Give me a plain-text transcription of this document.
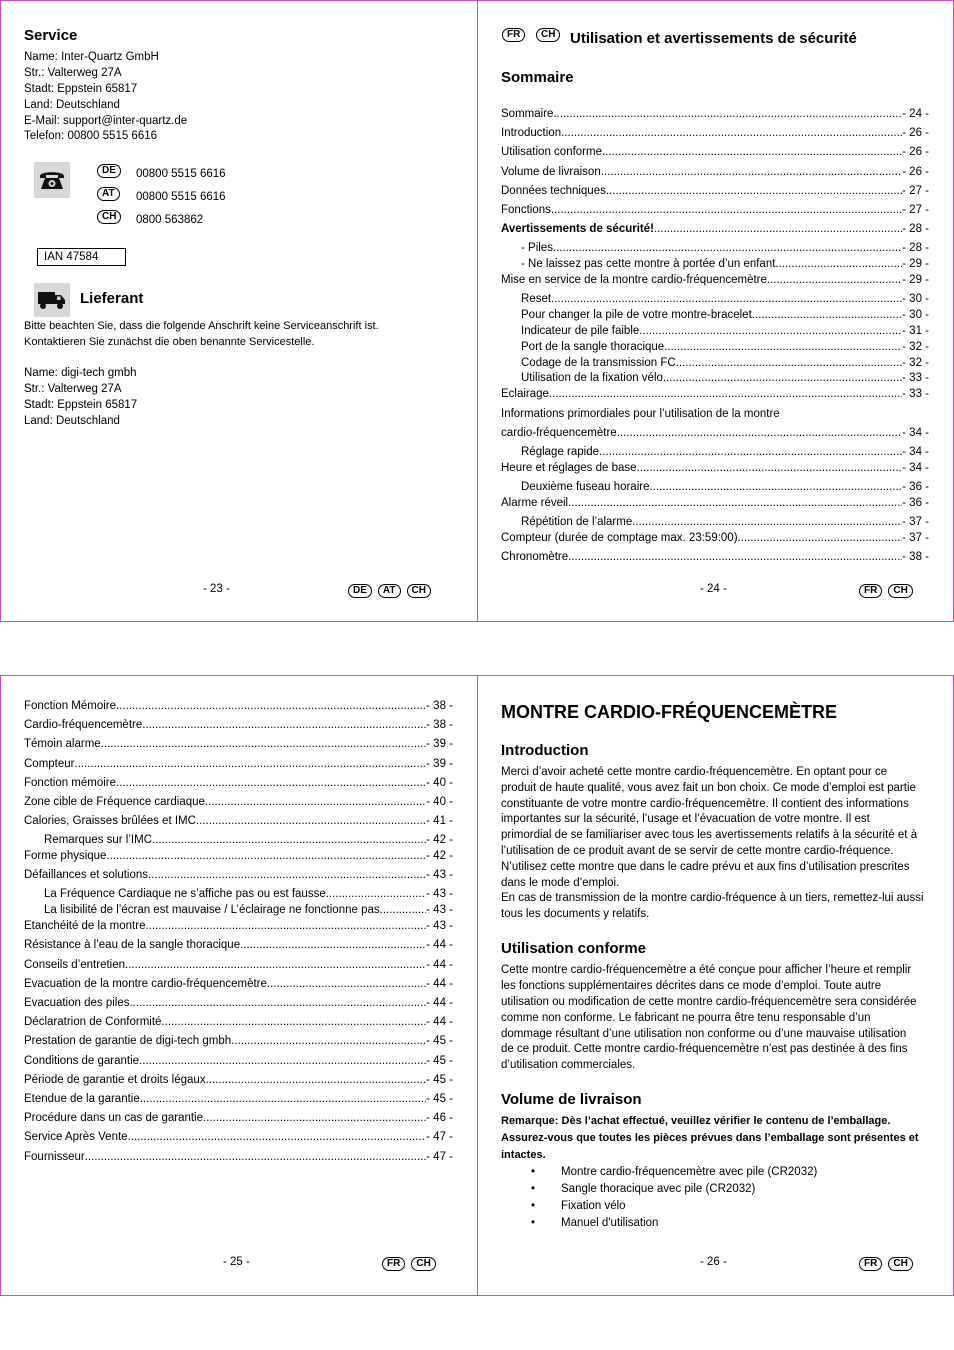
Service
Name: Inter-Quartz GmbH
Str.: Valterweg 27A
Stadt: Eppstein 65817
Land: Deutschland
E-Mail: support@inter-quartz.de
Telefon: 00800 5515 6616
DE	00800 5515 6616
AT	00800 5515 6616
CH	0800 563862
IAN 47584
Lieferant
Bitte beachten Sie, dass die folgende Anschrift keine Serviceanschrift ist.
Kontaktieren Sie zunächst die oben benannte Servicestelle.
Name: digi-tech gmbh
Str.: Valterweg 27A
Stadt: Eppstein 65817
Land: Deutschland
- 23 -	DE	AT	CH
FR	CH Utilisation et avertissements de sécurité
Sommaire
Sommaire .....	- 24 -
Introduction .....	- 26 -
Utilisation conforme .....	- 26 -
Volume de livraison .....	- 26 -
Données techniques .....	- 27 -
Fonctions .....	- 27 -
Avertissements de sécurité! .....	- 28 -
- Piles .....	- 28 -
- Ne laissez pas cette montre à portée d’un enfant .....	- 29 -
Mise en service de la montre cardio-fréquencemètre .....	- 29 -
Reset .....	- 30 -
Pour changer la pile de votre montre-bracelet .....	- 30 -
Indicateur de pile faible .....	- 31 -
Port de la sangle thoracique .....	- 32 -
Codage de la transmission FC .....	- 32 -
Utilisation de la fixation vélo .....	- 33 -
Eclairage .....	- 33 -
Informations primordiales pour l’utilisation de la montre
cardio-fréquencemètre .....	- 34 -
Réglage rapide .....	- 34 -
Heure et réglages de base .....	- 34 -
Deuxième fuseau horaire .....	- 36 -
Alarme réveil .....	- 36 -
Répétition de l’alarme .....	- 37 -
Compteur (durée de comptage max. 23:59:00) .....	- 37 -
Chronomètre .....	- 38 -
- 24 -	FR	CH
Fonction Mémoire .....	- 38 -
Cardio-fréquencemètre .....	- 38 -
Témoin alarme .....	- 39 -
Compteur .....	- 39 -
Fonction mémoire .....	- 40 -
Zone cible de Fréquence cardiaque .....	- 40 -
Calories, Graisses brûlées et IMC .....	- 41 -
Remarques sur l’IMC .....	- 42 -
Forme physique .....	- 42 -
Défaillances et solutions .....	- 43 -
La Fréquence Cardiaque ne s’affiche pas ou est fausse .....	- 43 -
La lisibilité de l’écran est mauvaise / L’éclairage ne fonctionne pas .....	- 43 -
Etanchéité de la montre .....	- 43 -
Résistance à l’eau de la sangle thoracique .....	- 44 -
Conseils d’entretien .....	- 44 -
Evacuation de la montre cardio-fréquencemètre .....	- 44 -
Evacuation des piles .....	- 44 -
Déclaratrion de Conformité .....	- 44 -
Prestation de garantie de digi-tech gmbh .....	- 45 -
Conditions de garantie .....	- 45 -
Période de garantie et droits légaux .....	- 45 -
Etendue de la garantie .....	- 45 -
Procédure dans un cas de garantie .....	- 46 -
Service Après Vente .....	- 47 -
Fournisseur .....	- 47 -
- 25 -	FR	CH
MONTRE CARDIO-FRÉQUENCEMÈTRE
Introduction
Merci d’avoir acheté cette montre cardio-fréquencemètre. En optant pour ce
produit de haute qualité, vous avez fait un bon choix. Ce mode d’emploi est partie
constituante de votre montre cardio-fréquencemètre. Il contient des informations
importantes sur la sécurité, l’usage et l’évacuation de votre montre. Il est
primordial de se familiariser avec tous les avertissements relatifs à la sécurité et à
l’utilisation de ce produit avant de se servir de cette montre cardio-fréquence.
N’utilisez cette montre que dans le cadre prévu et aux fins d’utilisation prescrites
dans le mode d’emploi.
En cas de transmission de la montre cardio-fréquence à un tiers, remettez-lui aussi
tous les documents y relatifs.
Utilisation conforme
Cette montre cardio-fréquencemètre a été conçue pour afficher l’heure et remplir
les fonctions supplémentaires décrites dans ce mode d’emploi. Toute autre
utilisation ou modification de cette montre cardio-fréquencemètre sera considérée
comme non conforme. Le fabricant ne pourra être tenu responsable d’un
dommage résultant d’une utilisation non conforme ou d’une mauvaise utilisation
de ce produit. Cette montre cardio-fréquencemètre n’est pas destinée à des fins
d’utilisation commerciales.
Volume de livraison
Remarque: Dès l’achat effectué, veuillez vérifier le contenu de l’emballage.
Assurez-vous que toutes les pièces prévues dans l’emballage sont présentes et
intactes.
• Montre cardio-fréquencemètre avec pile (CR2032)
• Sangle thoracique avec pile (CR2032)
• Fixation vélo
• Manuel d'utilisation
- 26 -	FR	CH
